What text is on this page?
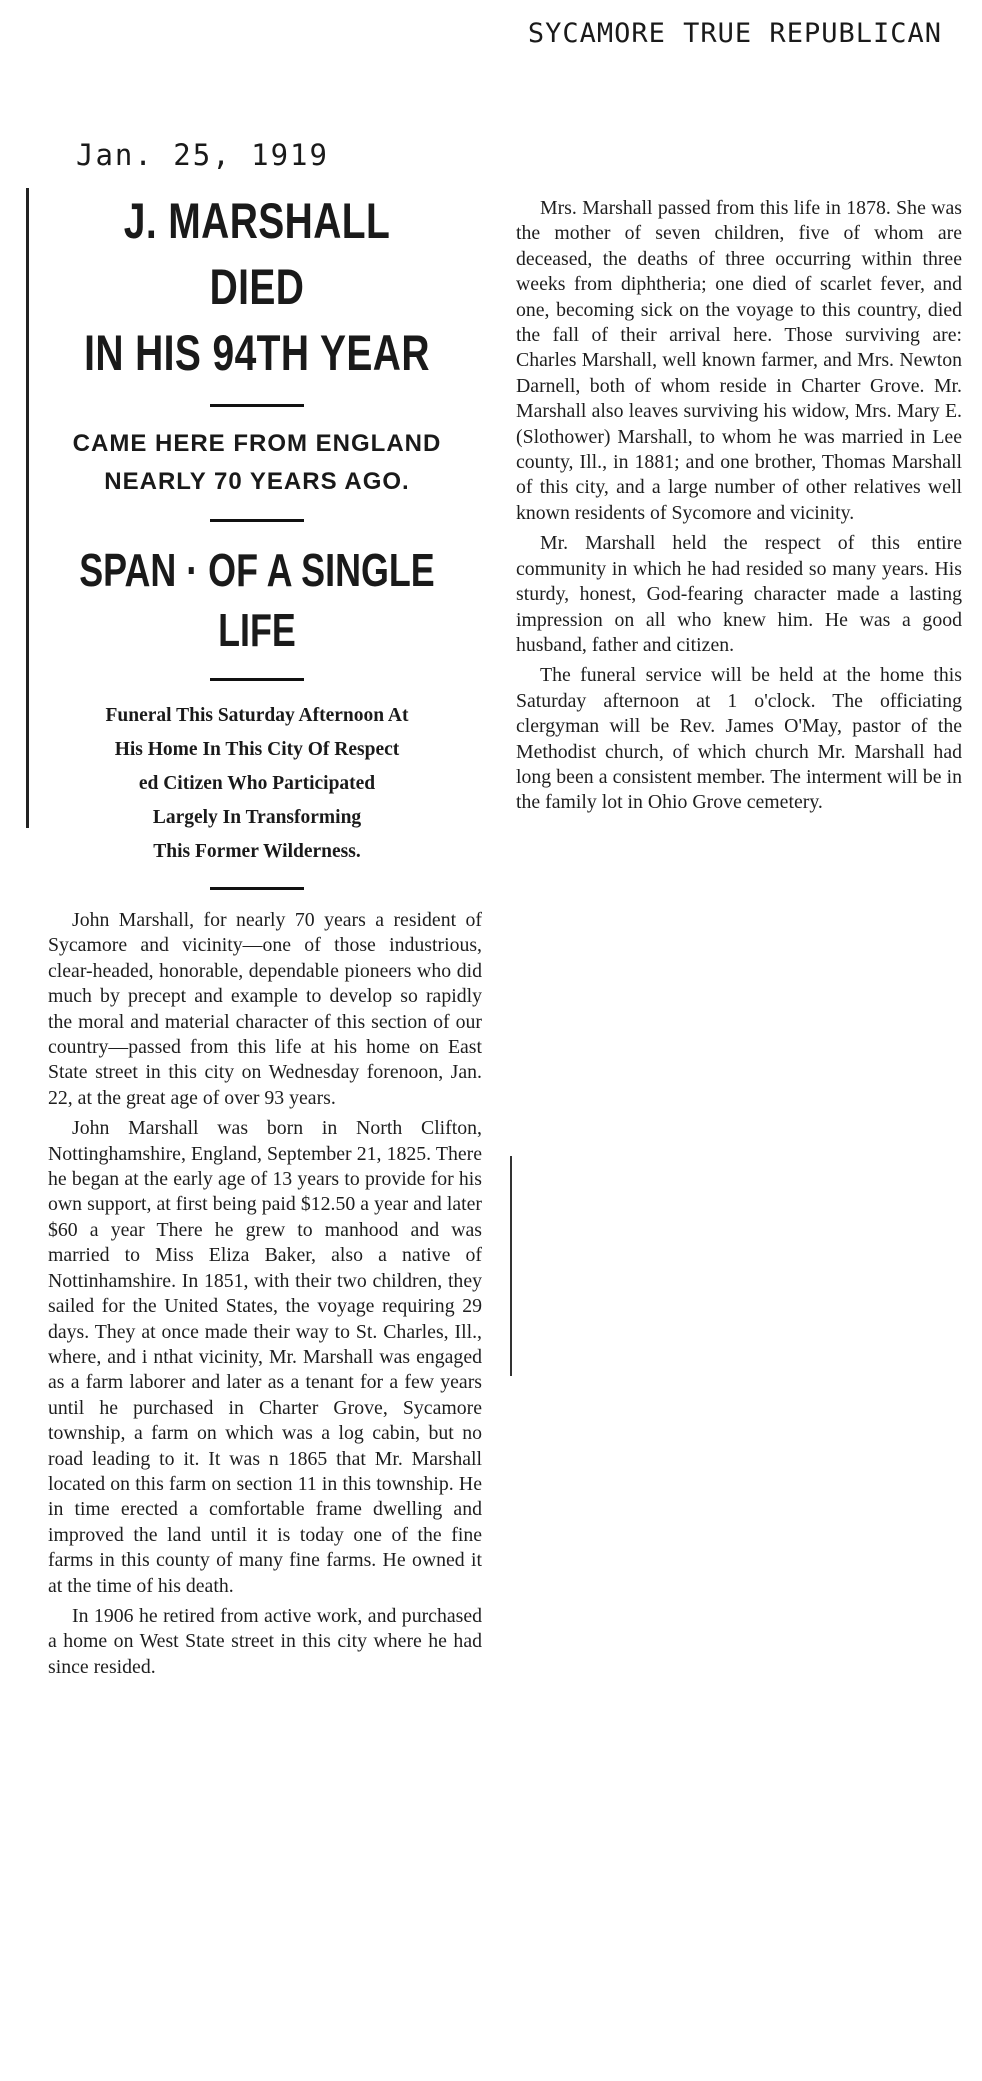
SYCAMORE TRUE REPUBLICAN
Jan. 25, 1919
J. MARSHALL DIED
IN HIS 94TH YEAR

CAME HERE FROM ENGLAND

NEARLY 70 YEARS AGO.

SPAN · OF A SINGLE LIFE

Funeral This Saturday Afternoon At

His Home In This City Of Respect

ed Citizen Who Participated

Largely In Transforming

This Former Wilderness.

John Marshall, for nearly 70 years a resident of Sycamore and vicinity—one of those industrious, clear-headed, honorable, dependable pioneers who did much by precept and example to develop so rapidly the moral and material character of this section of our country—passed from this life at his home on East State street in this city on Wednesday forenoon, Jan. 22, at the great age of over 93 years.

John Marshall was born in North Clifton, Nottinghamshire, England, September 21, 1825. There he began at the early age of 13 years to provide for his own support, at first being paid $12.50 a year and later $60 a year There he grew to manhood and was married to Miss Eliza Baker, also a native of Nottinhamshire. In 1851, with their two children, they sailed for the United States, the voyage requiring 29 days. They at once made their way to St. Charles, Ill., where, and i nthat vicinity, Mr. Marshall was engaged as a farm laborer and later as a tenant for a few years until he purchased in Charter Grove, Sycamore township, a farm on which was a log cabin, but no road leading to it. It was n 1865 that Mr. Marshall located on this farm on section 11 in this township. He in time erected a comfortable frame dwelling and improved the land until it is today one of the fine farms in this county of many fine farms. He owned it at the time of his death.

In 1906 he retired from active work, and purchased a home on West State street in this city where he had since resided.

Mrs. Marshall passed from this life in 1878. She was the mother of seven children, five of whom are deceased, the deaths of three occurring within three weeks from diphtheria; one died of scarlet fever, and one, becoming sick on the voyage to this country, died the fall of their arrival here. Those surviving are: Charles Marshall, well known farmer, and Mrs. Newton Darnell, both of whom reside in Charter Grove. Mr. Marshall also leaves surviving his widow, Mrs. Mary E. (Slothower) Marshall, to whom he was married in Lee county, Ill., in 1881; and one brother, Thomas Marshall of this city, and a large number of other relatives well known residents of Sycomore and vicinity.

Mr. Marshall held the respect of this entire community in which he had resided so many years. His sturdy, honest, God-fearing character made a lasting impression on all who knew him. He was a good husband, father and citizen.

The funeral service will be held at the home this Saturday afternoon at 1 o'clock. The officiating clergyman will be Rev. James O'May, pastor of the Methodist church, of which church Mr. Marshall had long been a consistent member. The interment will be in the family lot in Ohio Grove cemetery.
